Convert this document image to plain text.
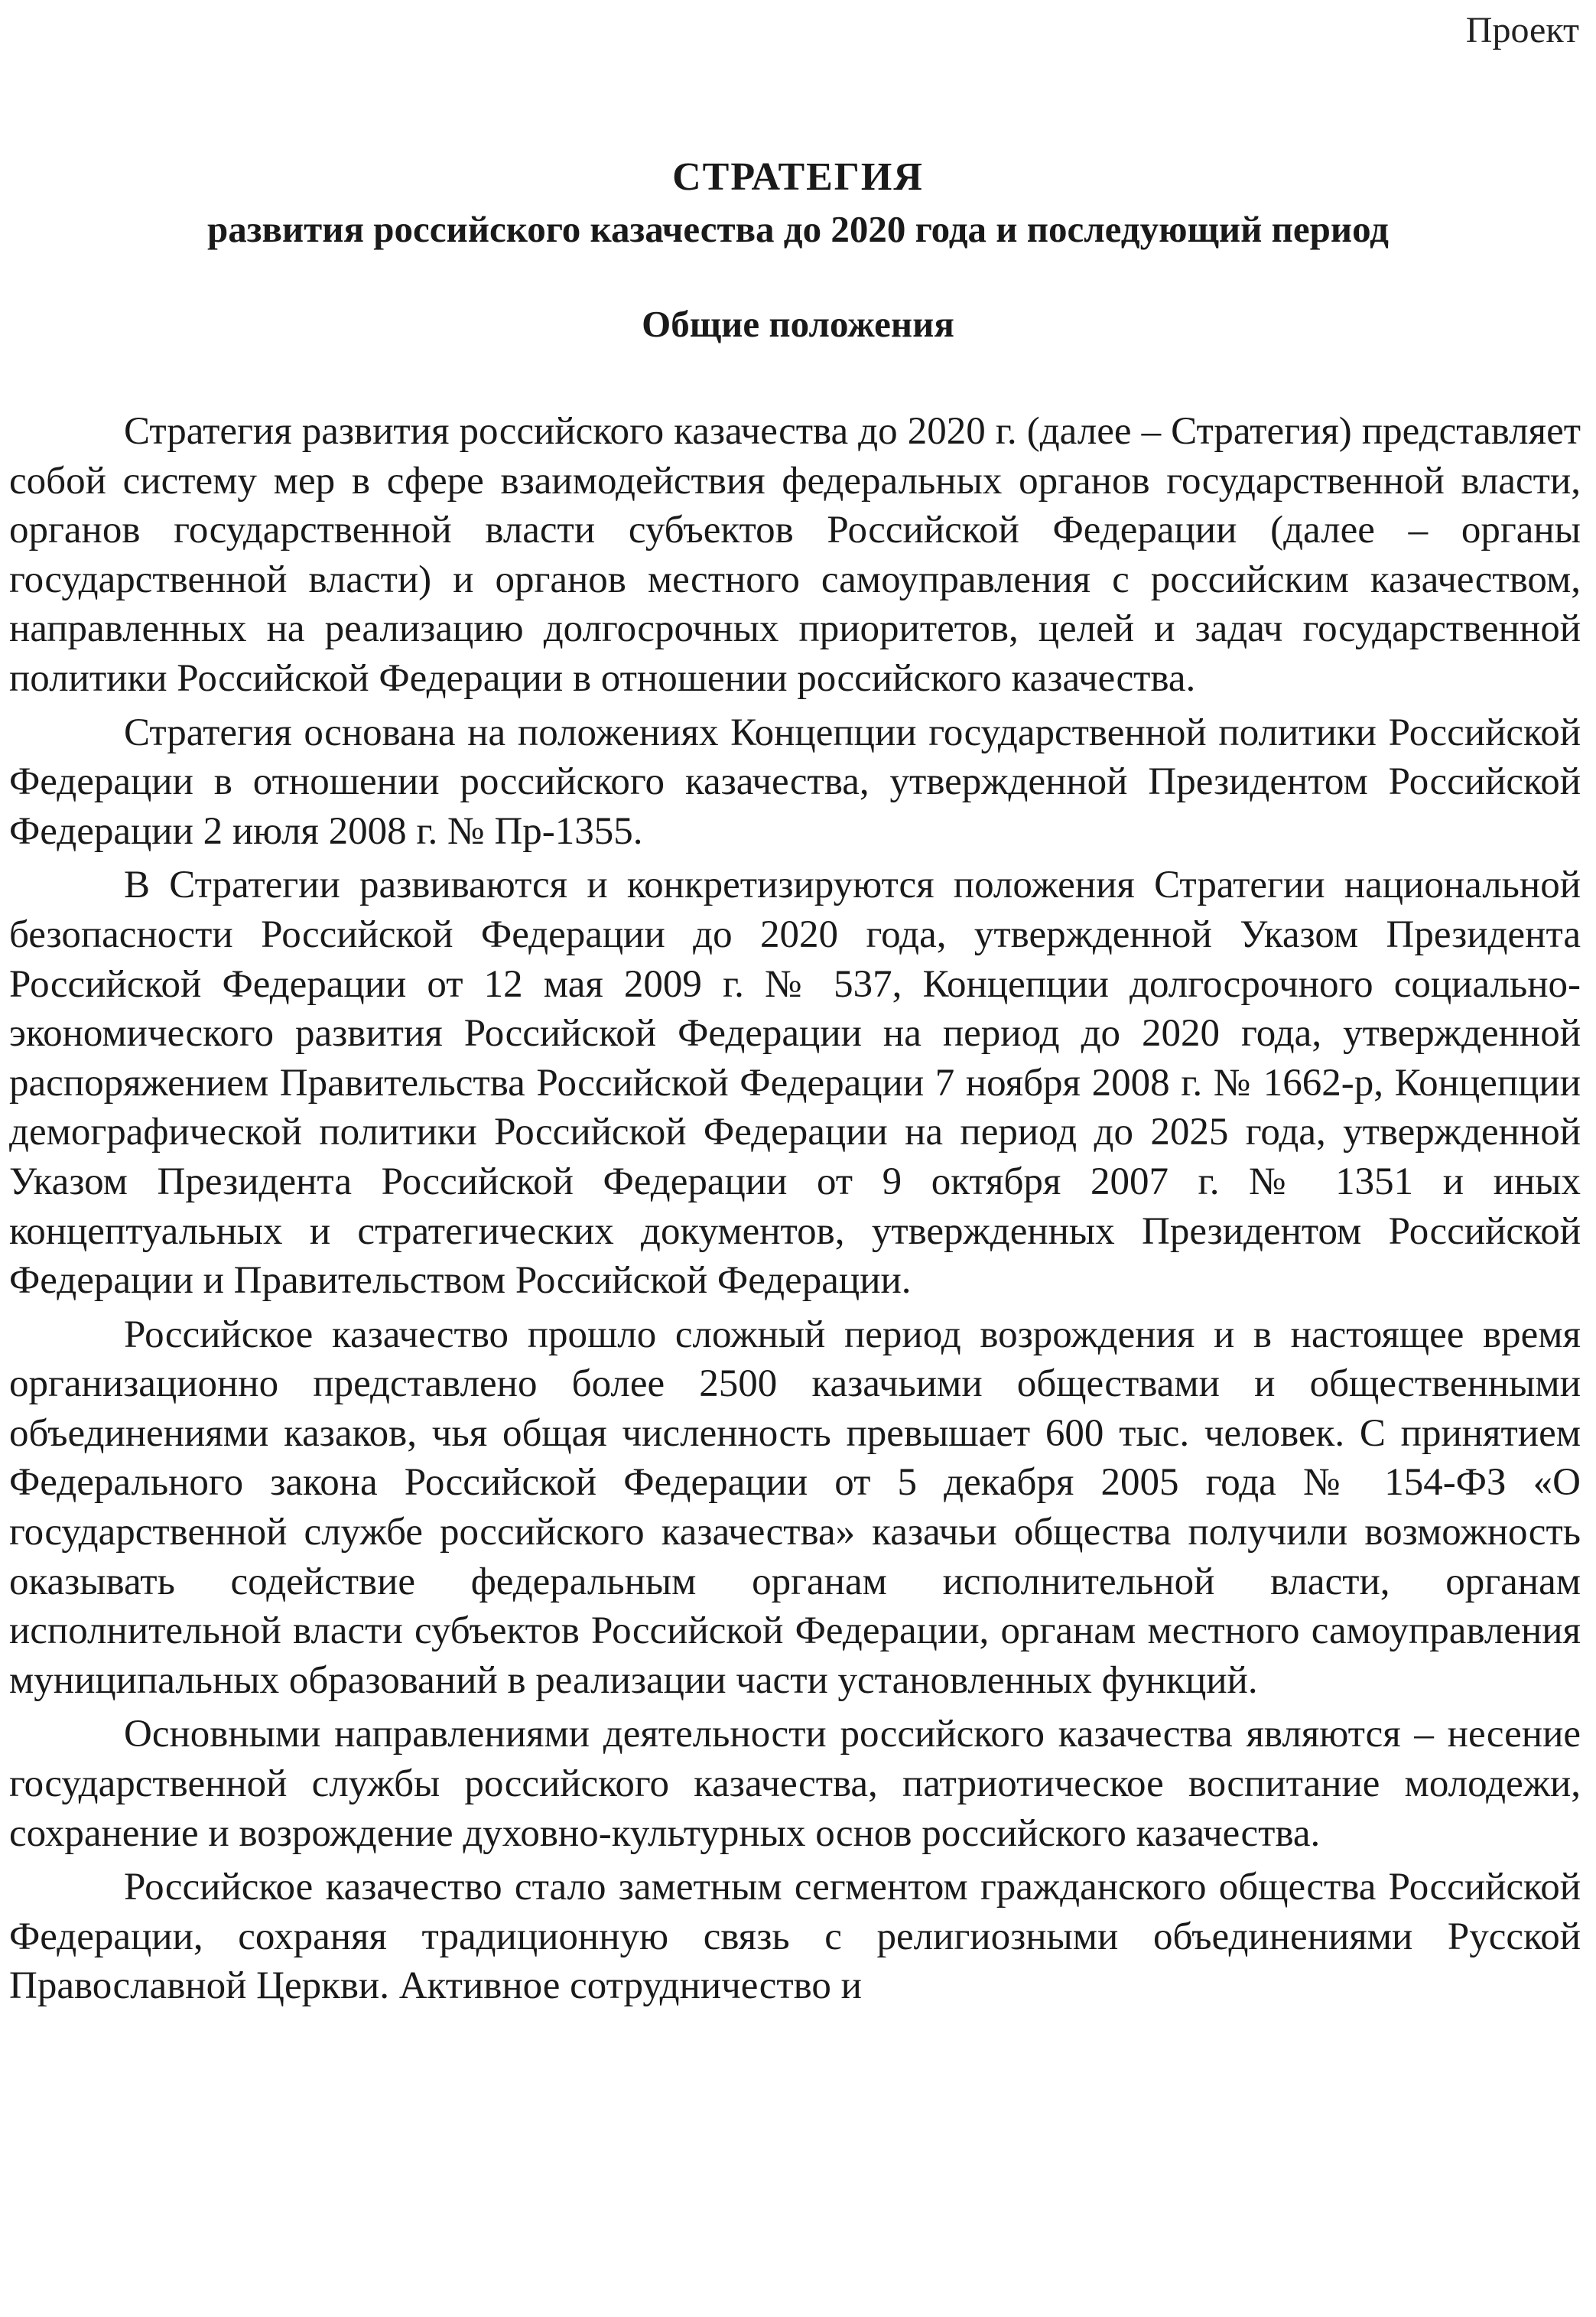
Проект
СТРАТЕГИЯ
развития российского казачества до 2020 года и последующий период
Общие положения

Стратегия развития российского казачества до 2020 г. (далее – Стратегия) представляет собой систему мер в сфере взаимодействия федеральных органов государственной власти, органов государственной власти субъектов Российской Федерации (далее – органы государственной власти) и органов местного самоуправления с российским казачеством, направленных на реализацию долгосрочных приоритетов, целей и задач государственной политики Российской Федерации в отношении российского казачества.

Стратегия основана на положениях Концепции государственной политики Российской Федерации в отношении российского казачества, утвержденной Президентом Российской Федерации 2 июля 2008 г. № Пр-1355.

В Стратегии развиваются и конкретизируются положения Стратегии национальной безопасности Российской Федерации до 2020 года, утвержденной Указом Президента Российской Федерации от 12 мая 2009 г. № 537, Концепции долгосрочного социально-экономического развития Российской Федерации на период до 2020 года, утвержденной распоряжением Правительства Российской Федерации 7 ноября 2008 г. № 1662-р, Концепции демографической политики Российской Федерации на период до 2025 года, утвержденной Указом Президента Российской Федерации от 9 октября 2007 г. № 1351 и иных концептуальных и стратегических документов, утвержденных Президентом Российской Федерации и Правительством Российской Федерации.

Российское казачество прошло сложный период возрождения и в настоящее время организационно представлено более 2500 казачьими обществами и общественными объединениями казаков, чья общая численность превышает 600 тыс. человек. С принятием Федерального закона Российской Федерации от 5 декабря 2005 года № 154-ФЗ «О государственной службе российского казачества» казачьи общества получили возможность оказывать содействие федеральным органам исполнительной власти, органам исполнительной власти субъектов Российской Федерации, органам местного самоуправления муниципальных образований в реализации части установленных функций.

Основными направлениями деятельности российского казачества являются – несение государственной службы российского казачества, патриотическое воспитание молодежи, сохранение и возрождение духовно-культурных основ российского казачества.

Российское казачество стало заметным сегментом гражданского общества Российской Федерации, сохраняя традиционную связь с религиозными объединениями Русской Православной Церкви. Активное сотрудничество и
